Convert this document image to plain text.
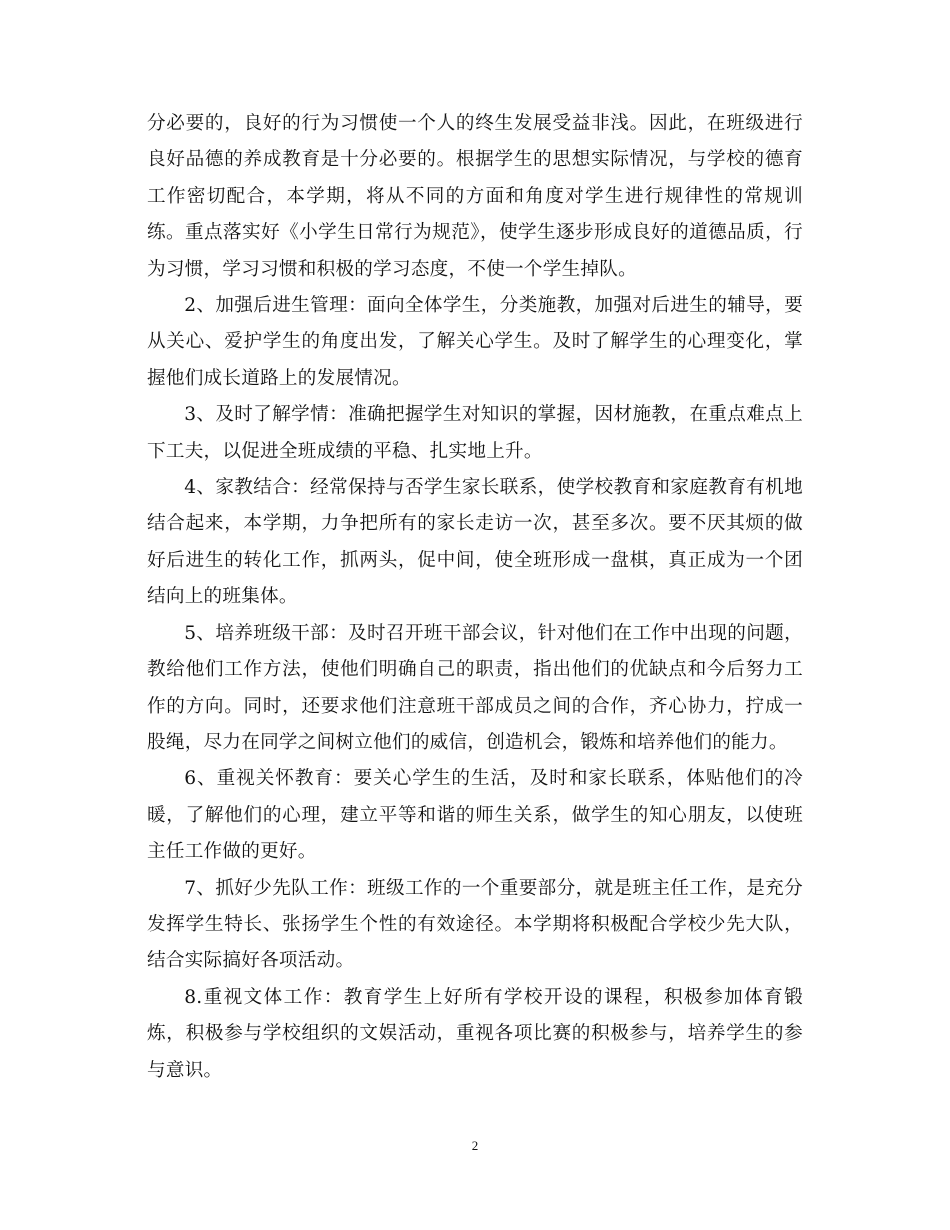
分必要的，良好的行为习惯使一个人的终生发展受益非浅。因此，在班级进行良好品德的养成教育是十分必要的。根据学生的思想实际情况，与学校的德育工作密切配合，本学期，将从不同的方面和角度对学生进行规律性的常规训练。重点落实好《小学生日常行为规范》，使学生逐步形成良好的道德品质，行为习惯，学习习惯和积极的学习态度，不使一个学生掉队。

2、加强后进生管理：面向全体学生，分类施教，加强对后进生的辅导，要从关心、爱护学生的角度出发，了解关心学生。及时了解学生的心理变化，掌握他们成长道路上的发展情况。

3、及时了解学情：准确把握学生对知识的掌握，因材施教，在重点难点上下工夫，以促进全班成绩的平稳、扎实地上升。

4、家教结合：经常保持与否学生家长联系，使学校教育和家庭教育有机地结合起来，本学期，力争把所有的家长走访一次，甚至多次。要不厌其烦的做好后进生的转化工作，抓两头，促中间，使全班形成一盘棋，真正成为一个团结向上的班集体。

5、培养班级干部：及时召开班干部会议，针对他们在工作中出现的问题，教给他们工作方法，使他们明确自己的职责，指出他们的优缺点和今后努力工作的方向。同时，还要求他们注意班干部成员之间的合作，齐心协力，拧成一股绳，尽力在同学之间树立他们的威信，创造机会，锻炼和培养他们的能力。

6、重视关怀教育：要关心学生的生活，及时和家长联系，体贴他们的冷暖，了解他们的心理，建立平等和谐的师生关系，做学生的知心朋友，以使班主任工作做的更好。

7、抓好少先队工作：班级工作的一个重要部分，就是班主任工作，是充分发挥学生特长、张扬学生个性的有效途径。本学期将积极配合学校少先大队，结合实际搞好各项活动。

8.重视文体工作：教育学生上好所有学校开设的课程，积极参加体育锻炼，积极参与学校组织的文娱活动，重视各项比赛的积极参与，培养学生的参与意识。

2
